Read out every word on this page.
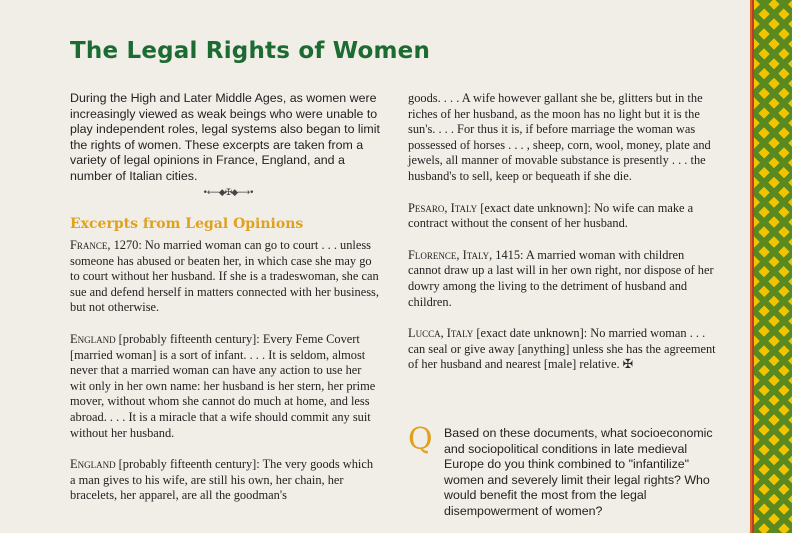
The Legal Rights of Women
During the High and Later Middle Ages, as women were increasingly viewed as weak beings who were unable to play independent roles, legal systems also began to limit the rights of women. These excerpts are taken from a variety of legal opinions in France, England, and a number of Italian cities.
•⟵◆✠◆⟶•
Excerpts from Legal Opinions

France, 1270: No married woman can go to court . . . unless someone has abused or beaten her, in which case she may go to court without her husband. If she is a tradeswoman, she can sue and defend herself in matters connected with her business, but not otherwise.

England [probably fifteenth century]: Every Feme Covert [married woman] is a sort of infant. . . . It is seldom, almost never that a married woman can have any action to use her wit only in her own name: her husband is her stern, her prime mover, without whom she cannot do much at home, and less abroad. . . . It is a miracle that a wife should commit any suit without her husband.

England [probably fifteenth century]: The very goods which a man gives to his wife, are still his own, her chain, her bracelets, her apparel, are all the goodman's

goods. . . . A wife however gallant she be, glitters but in the riches of her husband, as the moon has no light but it is the sun's. . . . For thus it is, if before marriage the woman was possessed of horses . . . , sheep, corn, wool, money, plate and jewels, all manner of movable substance is presently . . . the husband's to sell, keep or bequeath if she die.

Pesaro, Italy [exact date unknown]: No wife can make a contract without the consent of her husband.

Florence, Italy, 1415: A married woman with children cannot draw up a last will in her own right, nor dispose of her dowry among the living to the detriment of husband and children.

Lucca, Italy [exact date unknown]: No married woman . . . can seal or give away [anything] unless she has the agreement of her husband and nearest [male] relative. ✠

Q Based on these documents, what socioeconomic and sociopolitical conditions in late medieval Europe do you think combined to "infantilize" women and severely limit their legal rights? Who would benefit the most from the legal disempowerment of women?
